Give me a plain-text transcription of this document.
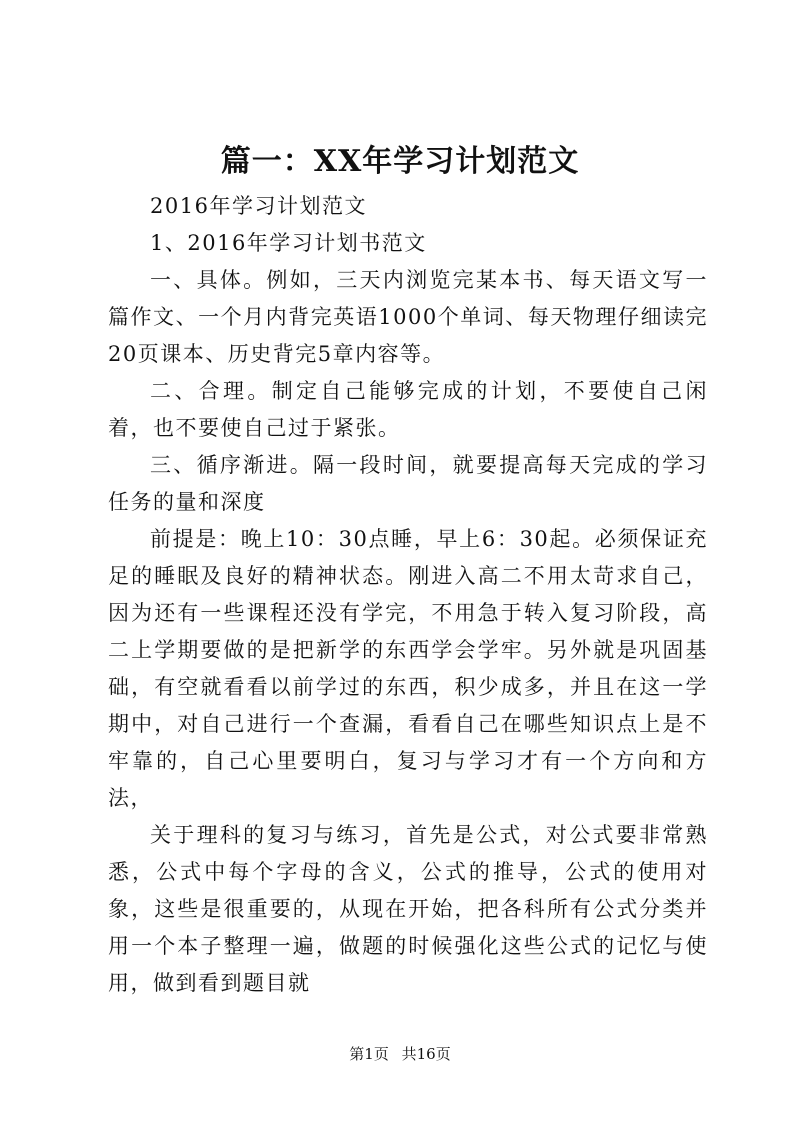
篇一：XX年学习计划范文

2016年学习计划范文

1、2016年学习计划书范文

一、具体。例如，三天内浏览完某本书、每天语文写一篇作文、一个月内背完英语1000个单词、每天物理仔细读完20页课本、历史背完5章内容等。

二、合理。制定自己能够完成的计划，不要使自己闲着，也不要使自己过于紧张。

三、循序渐进。隔一段时间，就要提高每天完成的学习任务的量和深度

前提是：晚上10：30点睡，早上6：30起。必须保证充足的睡眠及良好的精神状态。刚进入高二不用太苛求自己，因为还有一些课程还没有学完，不用急于转入复习阶段，高二上学期要做的是把新学的东西学会学牢。另外就是巩固基础，有空就看看以前学过的东西，积少成多，并且在这一学期中，对自己进行一个查漏，看看自己在哪些知识点上是不牢靠的，自己心里要明白，复习与学习才有一个方向和方法，

关于理科的复习与练习，首先是公式，对公式要非常熟悉，公式中每个字母的含义，公式的推导，公式的使用对象，这些是很重要的，从现在开始，把各科所有公式分类并用一个本子整理一遍，做题的时候强化这些公式的记忆与使用，做到看到题目就

第1页 共16页
